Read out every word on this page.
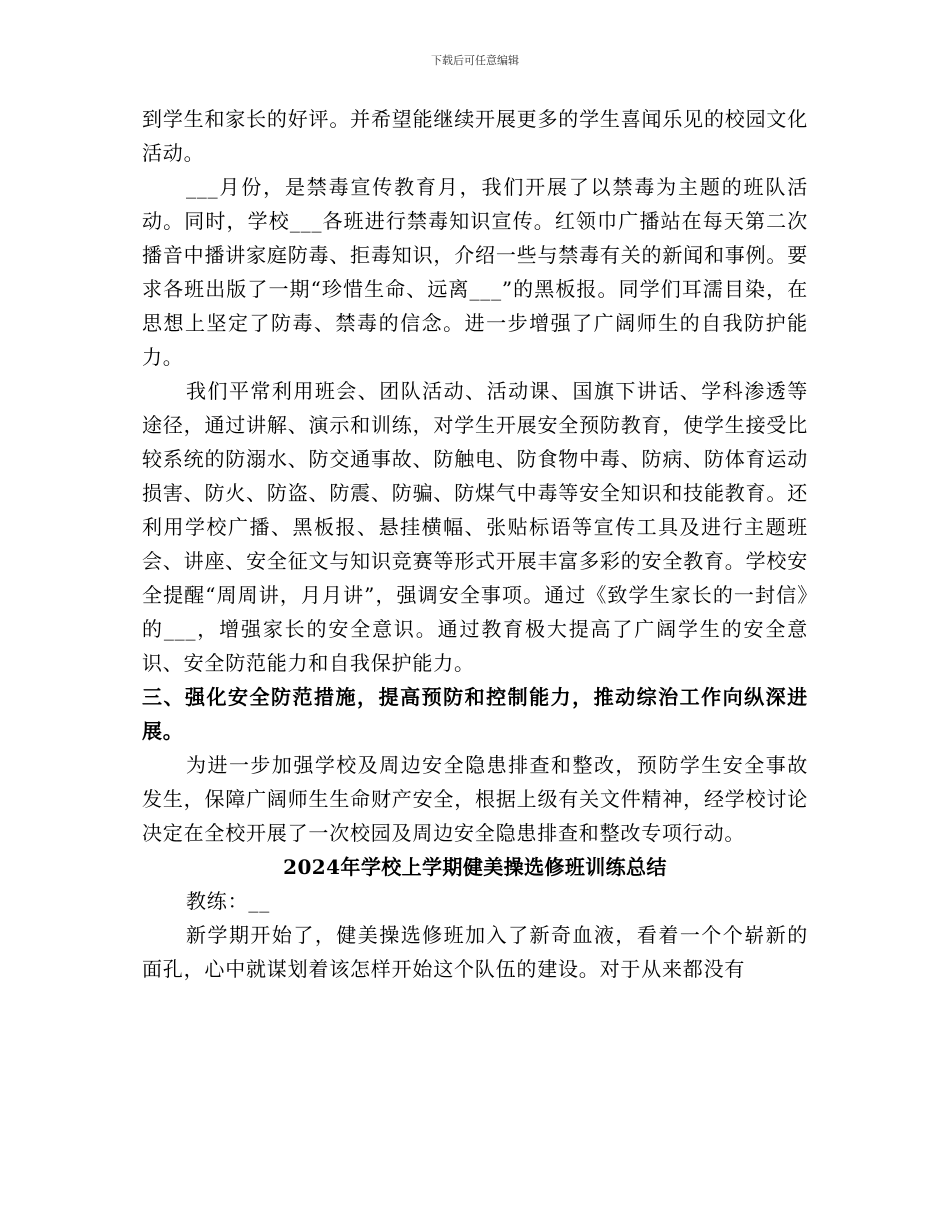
下载后可任意编辑

到学生和家长的好评。并希望能继续开展更多的学生喜闻乐见的校园文化活动。

___月份，是禁毒宣传教育月，我们开展了以禁毒为主题的班队活动。同时，学校___各班进行禁毒知识宣传。红领巾广播站在每天第二次播音中播讲家庭防毒、拒毒知识，介绍一些与禁毒有关的新闻和事例。要求各班出版了一期“珍惜生命、远离___”的黑板报。同学们耳濡目染，在思想上坚定了防毒、禁毒的信念。进一步增强了广阔师生的自我防护能力。

我们平常利用班会、团队活动、活动课、国旗下讲话、学科渗透等途径，通过讲解、演示和训练，对学生开展安全预防教育，使学生接受比较系统的防溺水、防交通事故、防触电、防食物中毒、防病、防体育运动损害、防火、防盗、防震、防骗、防煤气中毒等安全知识和技能教育。还利用学校广播、黑板报、悬挂横幅、张贴标语等宣传工具及进行主题班会、讲座、安全征文与知识竞赛等形式开展丰富多彩的安全教育。学校安全提醒“周周讲，月月讲”，强调安全事项。通过《致学生家长的一封信》的___，增强家长的安全意识。通过教育极大提高了广阔学生的安全意识、安全防范能力和自我保护能力。

三、强化安全防范措施，提高预防和控制能力，推动综治工作向纵深进展。

为进一步加强学校及周边安全隐患排查和整改，预防学生安全事故发生，保障广阔师生生命财产安全，根据上级有关文件精神，经学校讨论决定在全校开展了一次校园及周边安全隐患排查和整改专项行动。

2024年学校上学期健美操选修班训练总结

教练：__

新学期开始了，健美操选修班加入了新奇血液，看着一个个崭新的面孔，心中就谋划着该怎样开始这个队伍的建设。对于从来都没有
